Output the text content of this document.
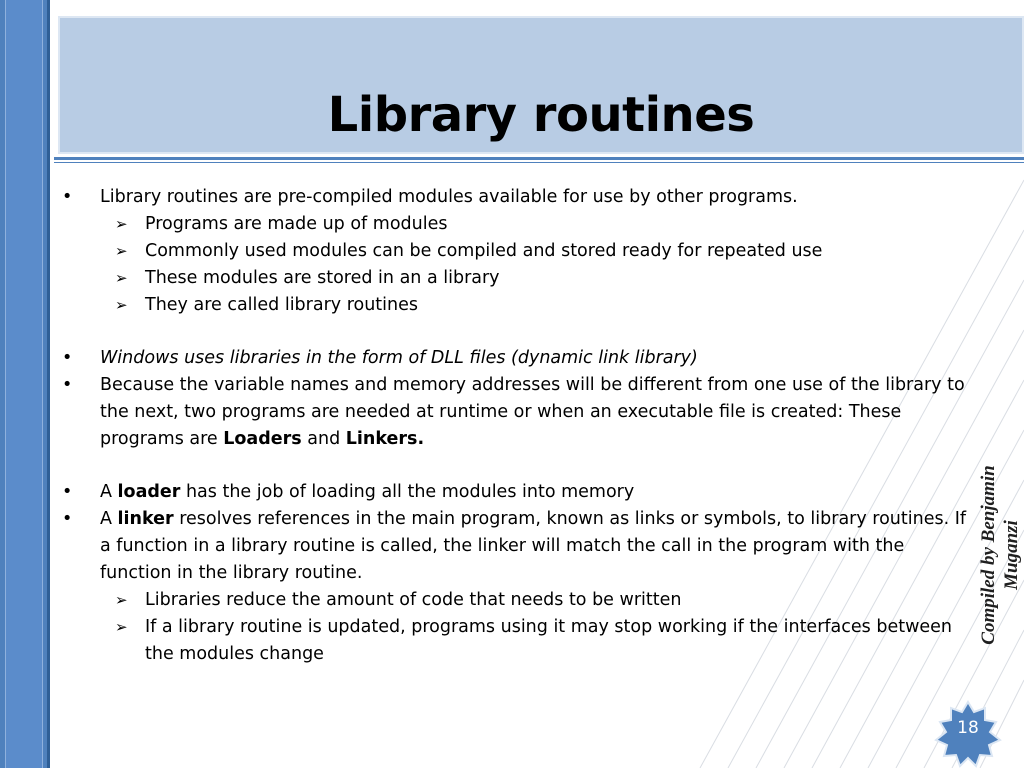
Library routines
• Library routines are pre-compiled modules available for use by other programs.
➢ Programs are made up of modules
➢ Commonly used modules can be compiled and stored ready for repeated use
➢ These modules are stored in an a library
➢ They are called library routines
• Windows uses libraries in the form of DLL files (dynamic link library)
• Because the variable names and memory addresses will be different from one use of the library to the next, two programs are needed at runtime or when an executable file is created: These programs are Loaders and Linkers.
• A loader has the job of loading all the modules into memory
• A linker resolves references in the main program, known as links or symbols, to library routines. If a function in a library routine is called, the linker will match the call in the program with the function in the library routine.
➢ Libraries reduce the amount of code that needs to be written
➢ If a library routine is updated, programs using it may stop working if the interfaces between the modules change
Compiled by Benjamin Muganzi
18
